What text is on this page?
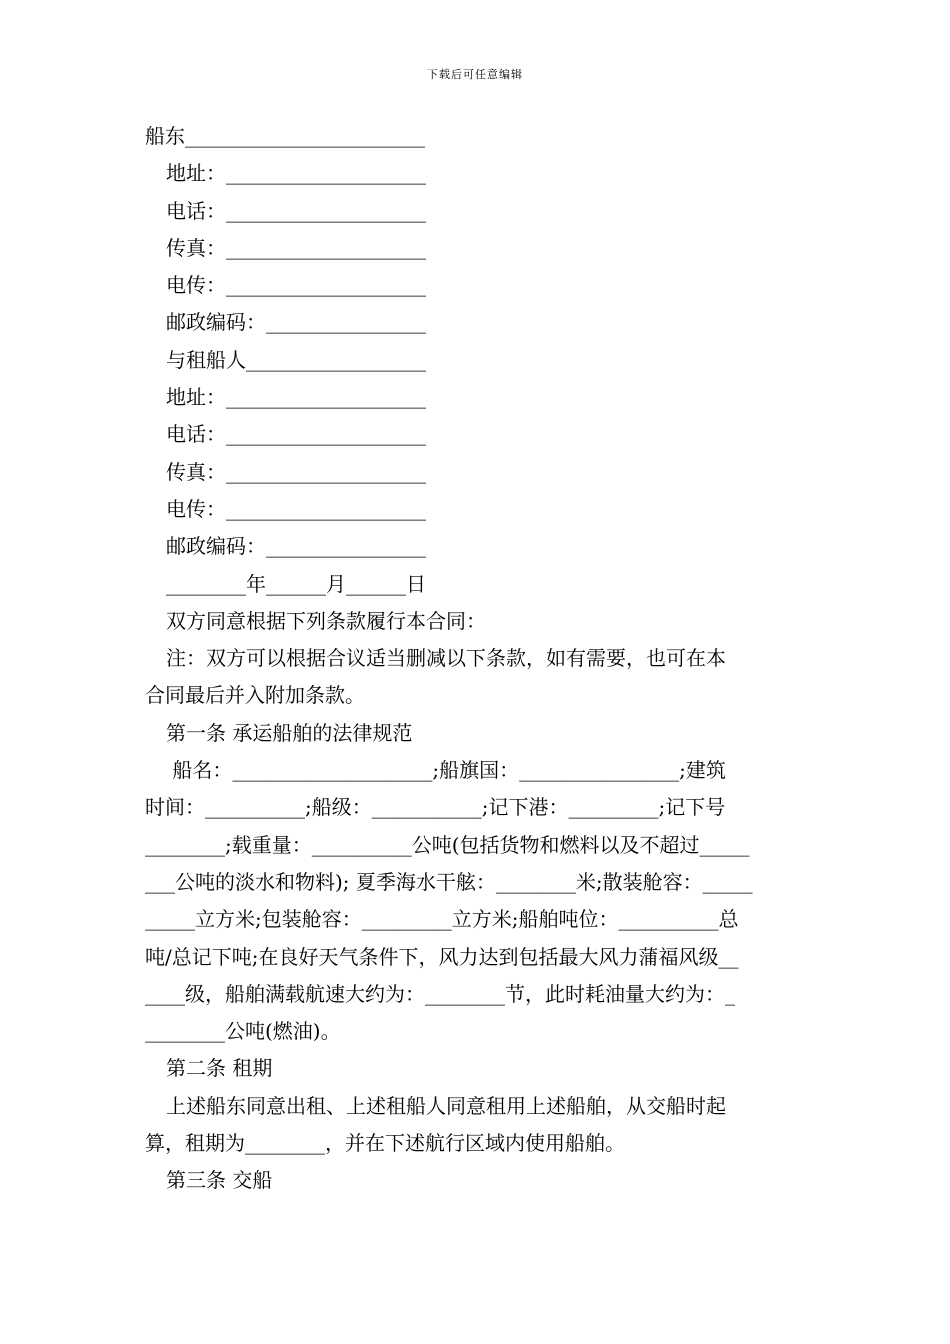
下载后可任意编辑
船东________________________
地址：____________________
电话：____________________
传真：____________________
电传：____________________
邮政编码：________________
与租船人__________________
地址：____________________
电话：____________________
传真：____________________
电传：____________________
邮政编码：________________
________年______月______日
双方同意根据下列条款履行本合同：
注：双方可以根据合议适当删减以下条款，如有需要，也可在本
合同最后并入附加条款。
第一条 承运船舶的法律规范
船名：____________________;船旗国：________________;建筑
时间：__________;船级：___________;记下港：_________;记下号
________;载重量：__________公吨(包括货物和燃料以及不超过_____
___公吨的淡水和物料); 夏季海水干舷：________米;散装舱容：_____
_____立方米;包装舱容：_________立方米;船舶吨位：__________总
吨/总记下吨;在良好天气条件下，风力达到包括最大风力蒲福风级__
____级，船舶满载航速大约为：________节，此时耗油量大约为：_
________公吨(燃油)。
第二条 租期
上述船东同意出租、上述租船人同意租用上述船舶，从交船时起
算，租期为________，并在下述航行区域内使用船舶。
第三条 交船
